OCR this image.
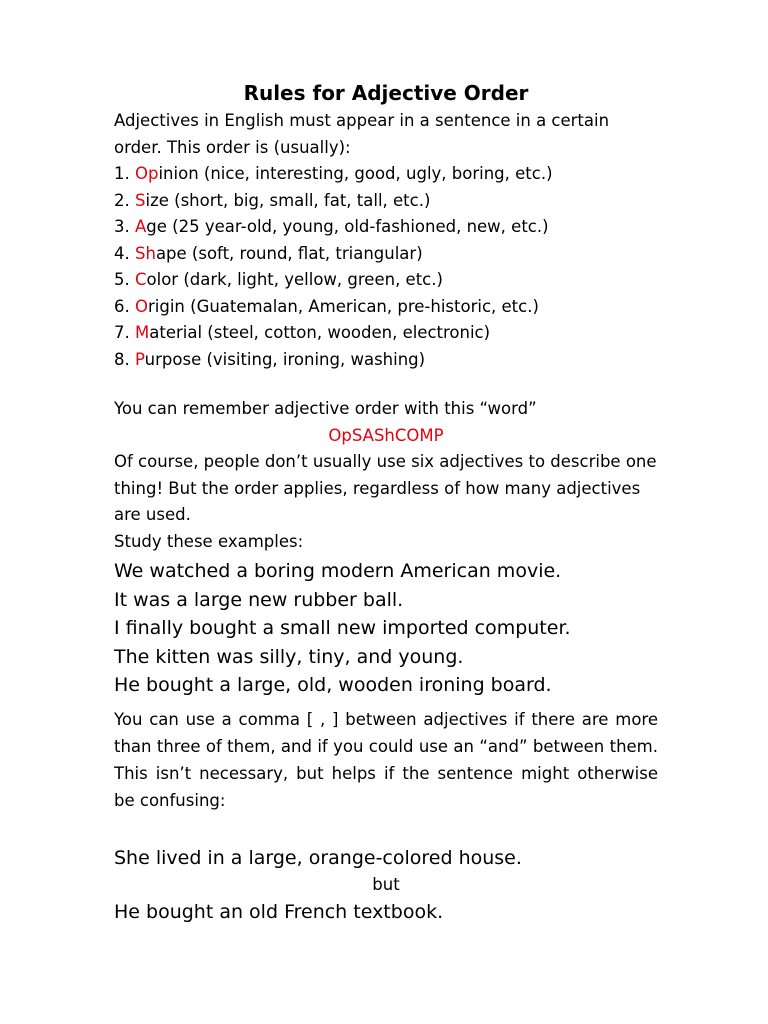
Rules for Adjective Order

Adjectives in English must appear in a sentence in a certain order. This order is (usually):

1. Opinion (nice, interesting, good, ugly, boring, etc.)
2. Size (short, big, small, fat, tall, etc.)
3. Age (25 year-old, young, old-fashioned, new, etc.)
4. Shape (soft, round, flat, triangular)
5. Color (dark, light, yellow, green, etc.)
6. Origin (Guatemalan, American, pre-historic, etc.)
7. Material (steel, cotton, wooden, electronic)
8. Purpose (visiting, ironing, washing)

You can remember adjective order with this “word”

OpSAShCOMP

Of course, people don’t usually use six adjectives to describe one thing! But the order applies, regardless of how many adjectives are used.

Study these examples:

We watched a boring modern American movie.
It was a large new rubber ball.
I finally bought a small new imported computer.
The kitten was silly, tiny, and young.
He bought a large, old, wooden ironing board.

You can use a comma [ , ] between adjectives if there are more than three of them, and if you could use an “and” between them. This isn’t necessary, but helps if the sentence might otherwise be confusing:

She lived in a large, orange-colored house.

but

He bought an old French textbook.
